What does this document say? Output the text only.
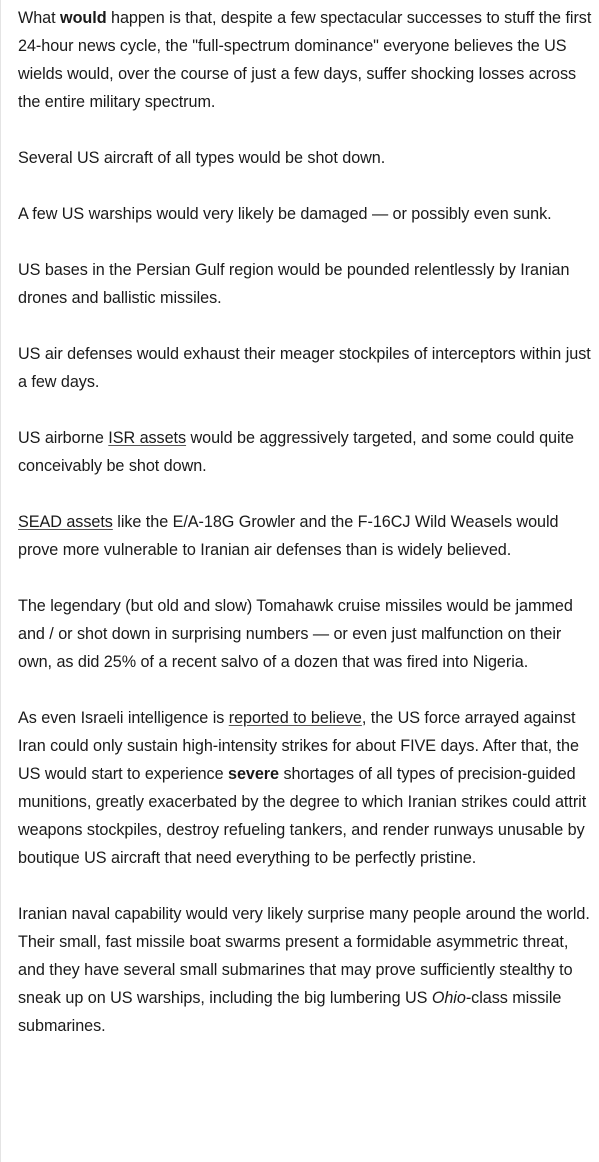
What would happen is that, despite a few spectacular successes to stuff the first 24-hour news cycle, the "full-spectrum dominance" everyone believes the US wields would, over the course of just a few days, suffer shocking losses across the entire military spectrum.

Several US aircraft of all types would be shot down.

A few US warships would very likely be damaged — or possibly even sunk.

US bases in the Persian Gulf region would be pounded relentlessly by Iranian drones and ballistic missiles.

US air defenses would exhaust their meager stockpiles of interceptors within just a few days.

US airborne ISR assets would be aggressively targeted, and some could quite conceivably be shot down.

SEAD assets like the E/A-18G Growler and the F-16CJ Wild Weasels would prove more vulnerable to Iranian air defenses than is widely believed.

The legendary (but old and slow) Tomahawk cruise missiles would be jammed and / or shot down in surprising numbers — or even just malfunction on their own, as did 25% of a recent salvo of a dozen that was fired into Nigeria.

As even Israeli intelligence is reported to believe, the US force arrayed against Iran could only sustain high-intensity strikes for about FIVE days. After that, the US would start to experience severe shortages of all types of precision-guided munitions, greatly exacerbated by the degree to which Iranian strikes could attrit weapons stockpiles, destroy refueling tankers, and render runways unusable by boutique US aircraft that need everything to be perfectly pristine.

Iranian naval capability would very likely surprise many people around the world. Their small, fast missile boat swarms present a formidable asymmetric threat, and they have several small submarines that may prove sufficiently stealthy to sneak up on US warships, including the big lumbering US Ohio-class missile submarines.
